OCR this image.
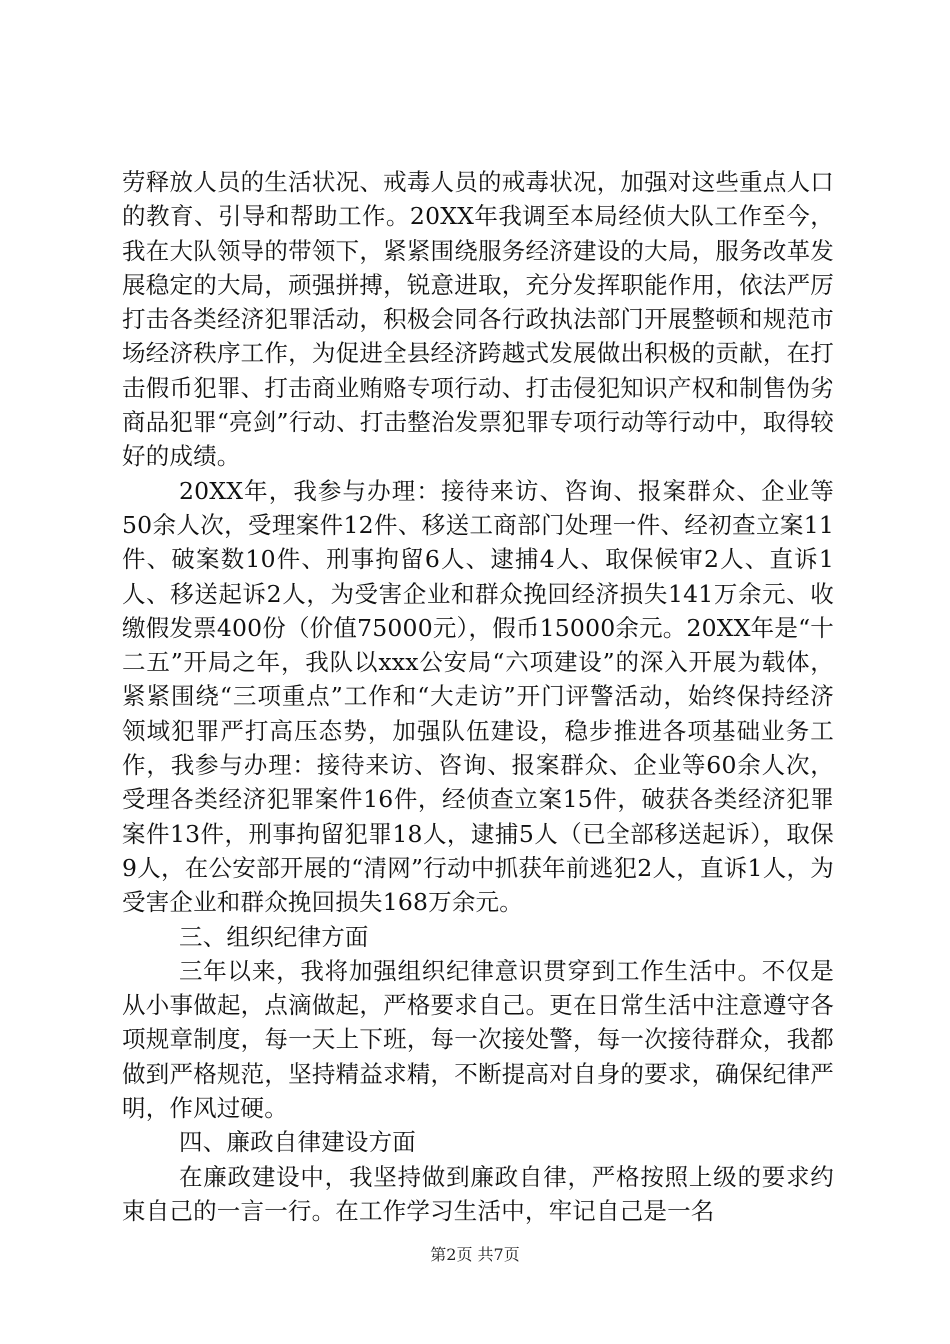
劳释放人员的生活状况、戒毒人员的戒毒状况，加强对这些重点人口的教育、引导和帮助工作。20XX年我调至本局经侦大队工作至今，我在大队领导的带领下，紧紧围绕服务经济建设的大局，服务改革发展稳定的大局，顽强拼搏，锐意进取，充分发挥职能作用，依法严厉打击各类经济犯罪活动，积极会同各行政执法部门开展整顿和规范市场经济秩序工作，为促进全县经济跨越式发展做出积极的贡献，在打击假币犯罪、打击商业贿赂专项行动、打击侵犯知识产权和制售伪劣商品犯罪“亮剑”行动、打击整治发票犯罪专项行动等行动中，取得较好的成绩。

20XX年，我参与办理：接待来访、咨询、报案群众、企业等50余人次，受理案件12件、移送工商部门处理一件、经初查立案11件、破案数10件、刑事拘留6人、逮捕4人、取保候审2人、直诉1人、移送起诉2人，为受害企业和群众挽回经济损失141万余元、收缴假发票400份（价值75000元），假币15000余元。20XX年是“十二五”开局之年，我队以xxx公安局“六项建设”的深入开展为载体，紧紧围绕“三项重点”工作和“大走访”开门评警活动，始终保持经济领域犯罪严打高压态势，加强队伍建设，稳步推进各项基础业务工作，我参与办理：接待来访、咨询、报案群众、企业等60余人次，受理各类经济犯罪案件16件，经侦查立案15件，破获各类经济犯罪案件13件，刑事拘留犯罪18人，逮捕5人（已全部移送起诉），取保9人，在公安部开展的“清网”行动中抓获年前逃犯2人，直诉1人，为受害企业和群众挽回损失168万余元。

三、组织纪律方面

三年以来，我将加强组织纪律意识贯穿到工作生活中。不仅是从小事做起，点滴做起，严格要求自己。更在日常生活中注意遵守各项规章制度，每一天上下班，每一次接处警，每一次接待群众，我都做到严格规范，坚持精益求精，不断提高对自身的要求，确保纪律严明，作风过硬。

四、廉政自律建设方面

在廉政建设中，我坚持做到廉政自律，严格按照上级的要求约束自己的一言一行。在工作学习生活中，牢记自己是一名

第2页 共7页
